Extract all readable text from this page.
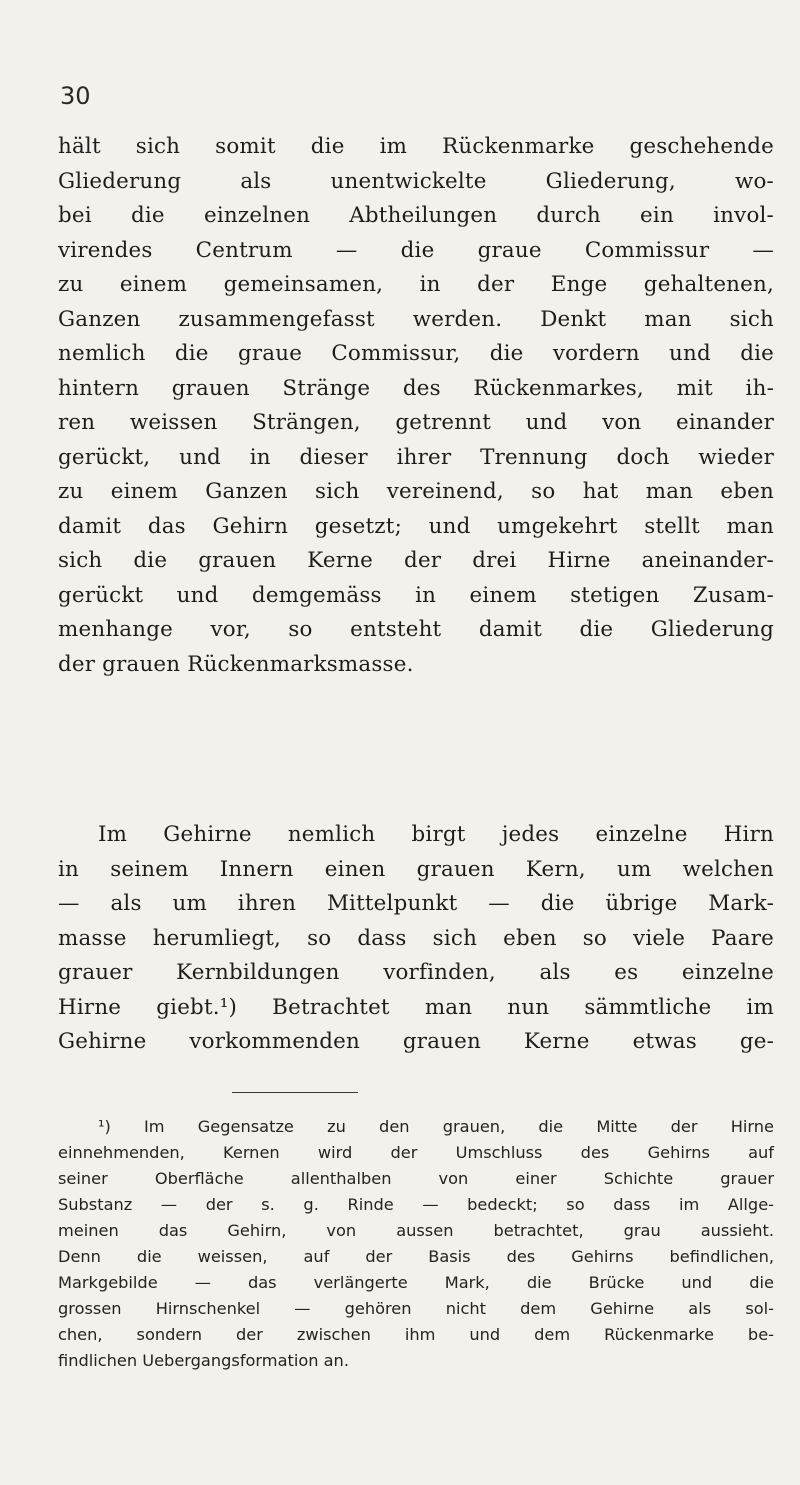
30
hält sich somit die im Rückenmarke geschehende
Gliederung als unentwickelte Gliederung, wo-
bei die einzelnen Abtheilungen durch ein invol-
virendes Centrum — die graue Commissur —
zu einem gemeinsamen, in der Enge gehaltenen,
Ganzen zusammengefasst werden. Denkt man sich
nemlich die graue Commissur, die vordern und die
hintern grauen Stränge des Rückenmarkes, mit ih-
ren weissen Strängen, getrennt und von einander
gerückt, und in dieser ihrer Trennung doch wieder
zu einem Ganzen sich vereinend, so hat man eben
damit das Gehirn gesetzt; und umgekehrt stellt man
sich die grauen Kerne der drei Hirne aneinander-
gerückt und demgemäss in einem stetigen Zusam-
menhange vor, so entsteht damit die Gliederung
der grauen Rückenmarksmasse.
Im Gehirne nemlich birgt jedes einzelne Hirn
in seinem Innern einen grauen Kern, um welchen
— als um ihren Mittelpunkt — die übrige Mark-
masse herumliegt, so dass sich eben so viele Paare
grauer Kernbildungen vorfinden, als es einzelne
Hirne giebt.¹) Betrachtet man nun sämmtliche im
Gehirne vorkommenden grauen Kerne etwas ge-
¹) Im Gegensatze zu den grauen, die Mitte der Hirne
einnehmenden, Kernen wird der Umschluss des Gehirns auf
seiner Oberfläche allenthalben von einer Schichte grauer
Substanz — der s. g. Rinde — bedeckt; so dass im Allge-
meinen das Gehirn, von aussen betrachtet, grau aussieht.
Denn die weissen, auf der Basis des Gehirns befindlichen,
Markgebilde — das verlängerte Mark, die Brücke und die
grossen Hirnschenkel — gehören nicht dem Gehirne als sol-
chen, sondern der zwischen ihm und dem Rückenmarke be-
findlichen Uebergangsformation an.
